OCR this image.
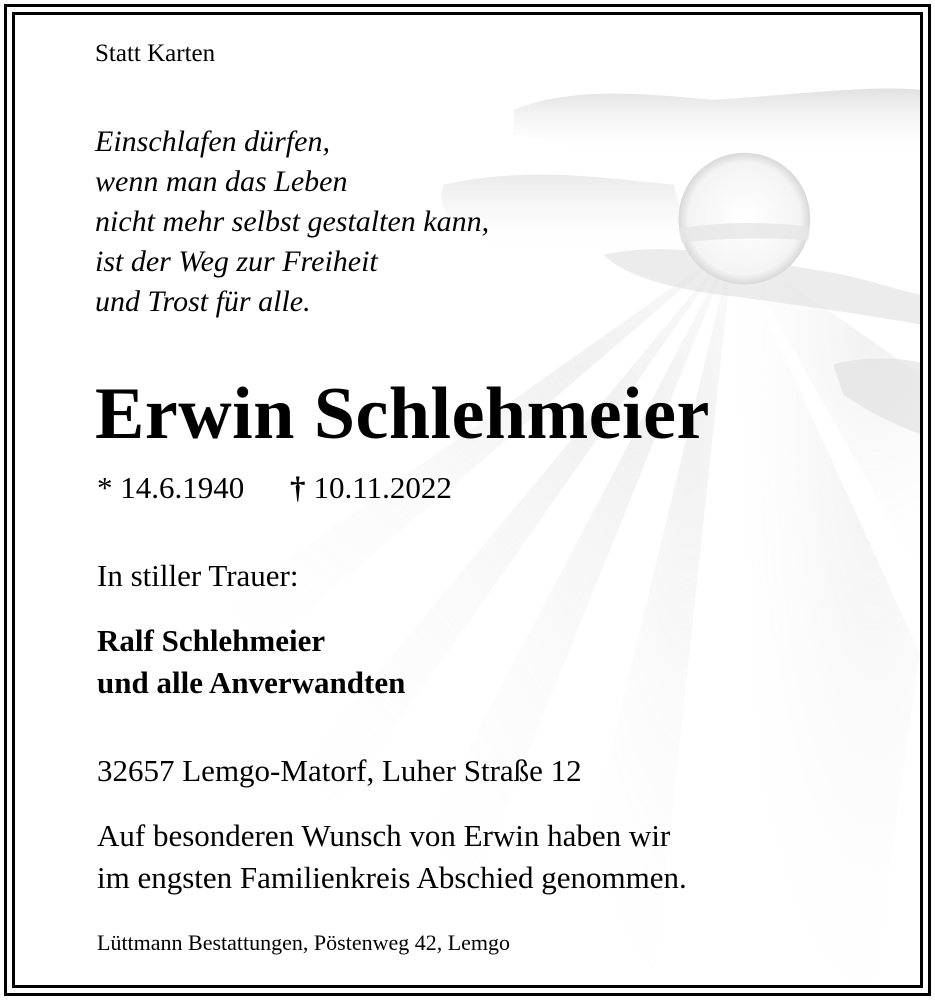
Statt Karten
Einschlafen dürfen,
wenn man das Leben
nicht mehr selbst gestalten kann,
ist der Weg zur Freiheit
und Trost für alle.
Erwin Schlehmeier
* 14.6.1940 † 10.11.2022
In stiller Trauer:
Ralf Schlehmeier
und alle Anverwandten
32657 Lemgo-Matorf, Luher Straße 12
Auf besonderen Wunsch von Erwin haben wir
im engsten Familienkreis Abschied genommen.
Lüttmann Bestattungen, Pöstenweg 42, Lemgo
